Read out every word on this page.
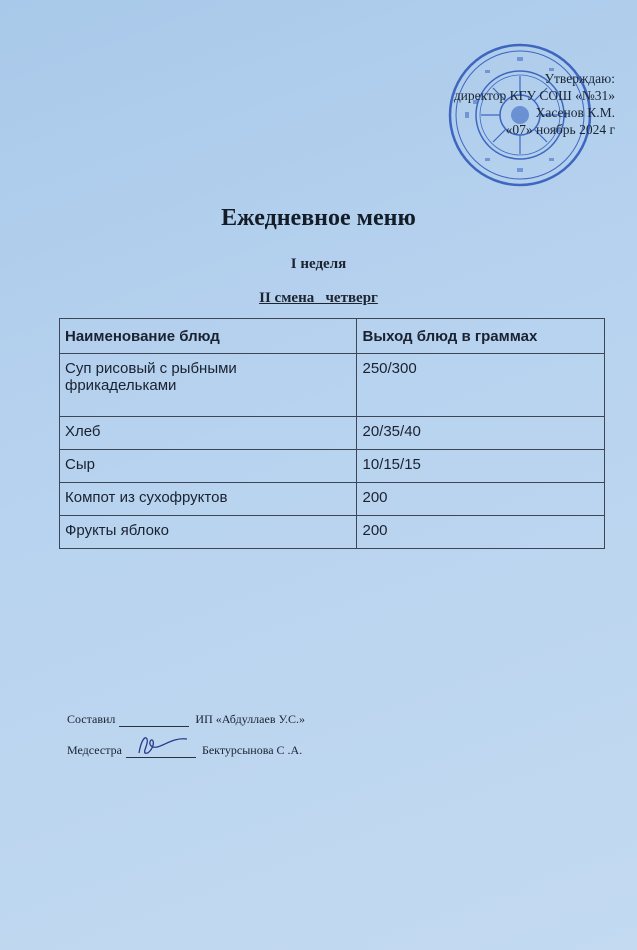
Утверждаю:
директор КГУ СОШ «№31»
Хасенов К.М.
«07» ноябрь 2024 г
Ежедневное меню
I неделя
II смена   четверг
Наименование блюд	Выход блюд в граммах
Суп рисовый с рыбными фрикадельками	250/300
Хлеб	20/35/40
Сыр	10/15/15
Компот из сухофруктов	200
Фрукты яблоко	200
Составил	ИП «Абдуллаев У.С.»
Медсестра	Бектурсынова С .А.
